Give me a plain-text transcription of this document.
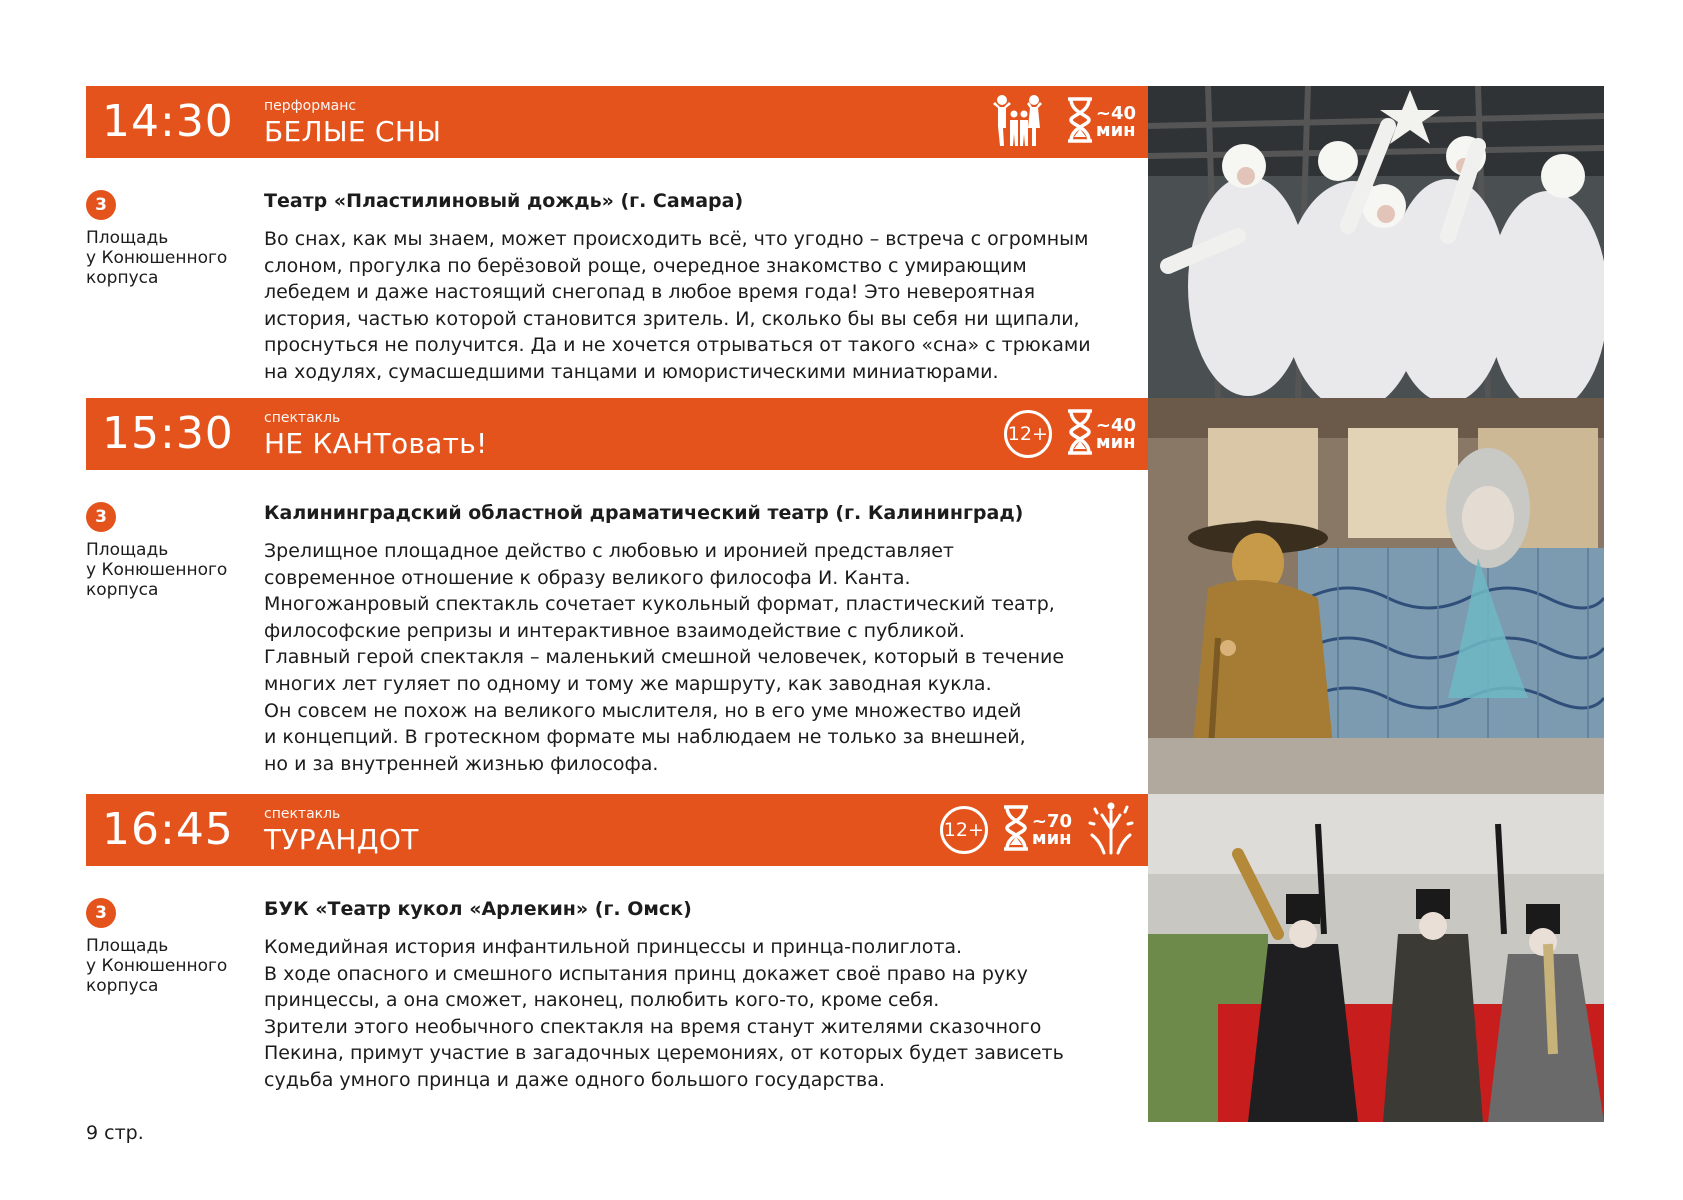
14:30 перформанс
БЕЛЫЕ СНЫ
~40
мин
3
Площадь
у Конюшенного
корпуса
Театр «Пластилиновый дождь» (г. Самара)
Во снах, как мы знаем, может происходить всё, что угодно – встреча с огромным
слоном, прогулка по берёзовой роще, очередное знакомство с умирающим
лебедем и даже настоящий снегопад в любое время года! Это невероятная
история, частью которой становится зритель. И, сколько бы вы себя ни щипали,
проснуться не получится. Да и не хочется отрываться от такого «сна» с трюками
на ходулях, сумасшедшими танцами и юмористическими миниатюрами.
15:30 спектакль
НЕ КАНТовать!	12+	~40
мин
3
Площадь
у Конюшенного
корпуса
Калининградский областной драматический театр (г. Калининград)
Зрелищное площадное действо с любовью и иронией представляет
современное отношение к образу великого философа И. Канта.
Многожанровый спектакль сочетает кукольный формат, пластический театр,
философские репризы и интерактивное взаимодействие с публикой.
Главный герой спектакля – маленький смешной человечек, который в течение
многих лет гуляет по одному и тому же маршруту, как заводная кукла.
Он совсем не похож на великого мыслителя, но в его уме множество идей
и концепций. В гротескном формате мы наблюдаем не только за внешней,
но и за внутренней жизнью философа.
16:45 спектакль
ТУРАНДОТ	12+	~70
мин
3
Площадь
у Конюшенного
корпуса
БУК «Театр кукол «Арлекин» (г. Омск)
Комедийная история инфантильной принцессы и принца-полиглота.
В ходе опасного и смешного испытания принц докажет своё право на руку
принцессы, а она сможет, наконец, полюбить кого-то, кроме себя.
Зрители этого необычного спектакля на время станут жителями сказочного
Пекина, примут участие в загадочных церемониях, от которых будет зависеть
судьба умного принца и даже одного большого государства.
9 стр.
